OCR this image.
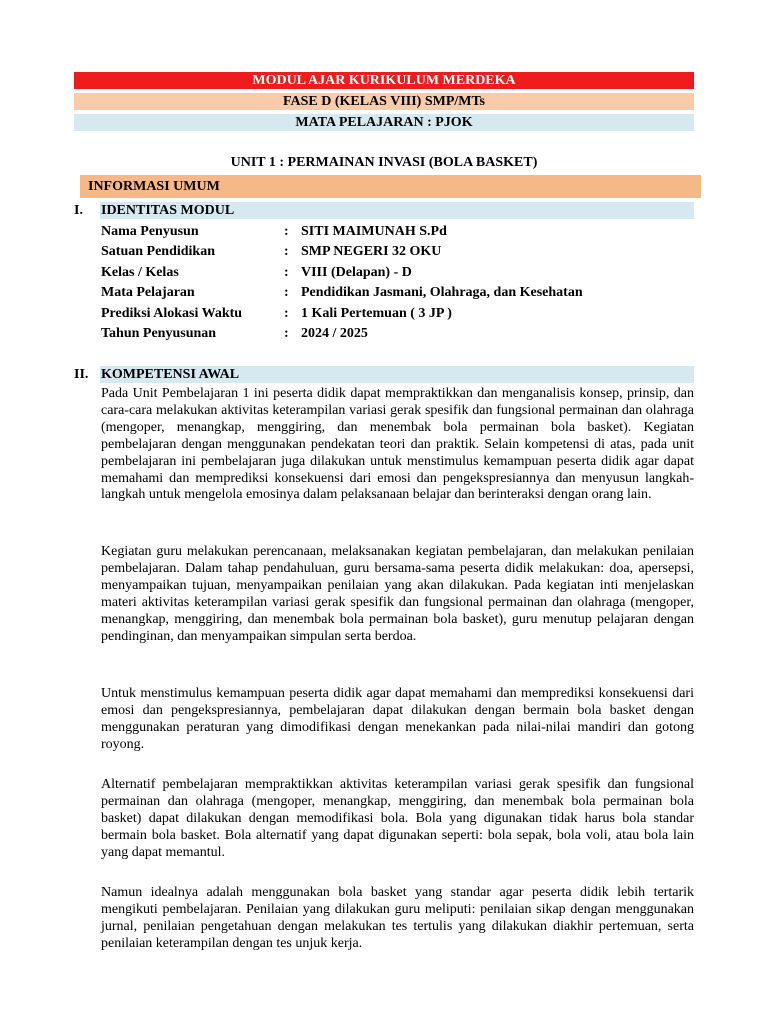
MODUL AJAR KURIKULUM MERDEKA
FASE D (KELAS VIII) SMP/MTs
MATA PELAJARAN : PJOK
UNIT 1 : PERMAINAN INVASI (BOLA BASKET)
INFORMASI UMUM
I. IDENTITAS MODUL
Nama Penyusun	: SITI MAIMUNAH S.Pd
Satuan Pendidikan	: SMP NEGERI 32 OKU
Kelas / Kelas	: VIII (Delapan) - D
Mata Pelajaran	: Pendidikan Jasmani, Olahraga, dan Kesehatan
Prediksi Alokasi Waktu	: 1 Kali Pertemuan ( 3 JP )
Tahun Penyusunan	: 2024 / 2025
II. KOMPETENSI AWAL

Pada Unit Pembelajaran 1 ini peserta didik dapat mempraktikkan dan menganalisis konsep, prinsip, dan cara-cara melakukan aktivitas keterampilan variasi gerak spesifik dan fungsional permainan dan olahraga (mengoper, menangkap, menggiring, dan menembak bola permainan bola basket). Kegiatan pembelajaran dengan menggunakan pendekatan teori dan praktik. Selain kompetensi di atas, pada unit pembelajaran ini pembelajaran juga dilakukan untuk menstimulus kemampuan peserta didik agar dapat memahami dan memprediksi konsekuensi dari emosi dan pengekspresiannya dan menyusun langkah-langkah untuk mengelola emosinya dalam pelaksanaan belajar dan berinteraksi dengan orang lain.

Kegiatan guru melakukan perencanaan, melaksanakan kegiatan pembelajaran, dan melakukan penilaian pembelajaran. Dalam tahap pendahuluan, guru bersama-sama peserta didik melakukan: doa, apersepsi, menyampaikan tujuan, menyampaikan penilaian yang akan dilakukan. Pada kegiatan inti menjelaskan materi aktivitas keterampilan variasi gerak spesifik dan fungsional permainan dan olahraga (mengoper, menangkap, menggiring, dan menembak bola permainan bola basket), guru menutup pelajaran dengan pendinginan, dan menyampaikan simpulan serta berdoa.

Untuk menstimulus kemampuan peserta didik agar dapat memahami dan memprediksi konsekuensi dari emosi dan pengekspresiannya, pembelajaran dapat dilakukan dengan bermain bola basket dengan menggunakan peraturan yang dimodifikasi dengan menekankan pada nilai-nilai mandiri dan gotong royong.

Alternatif pembelajaran mempraktikkan aktivitas keterampilan variasi gerak spesifik dan fungsional permainan dan olahraga (mengoper, menangkap, menggiring, dan menembak bola permainan bola basket) dapat dilakukan dengan memodifikasi bola. Bola yang digunakan tidak harus bola standar bermain bola basket. Bola alternatif yang dapat digunakan seperti: bola sepak, bola voli, atau bola lain yang dapat memantul.

Namun idealnya adalah menggunakan bola basket yang standar agar peserta didik lebih tertarik mengikuti pembelajaran. Penilaian yang dilakukan guru meliputi: penilaian sikap dengan menggunakan jurnal, penilaian pengetahuan dengan melakukan tes tertulis yang dilakukan diakhir pertemuan, serta penilaian keterampilan dengan tes unjuk kerja.
